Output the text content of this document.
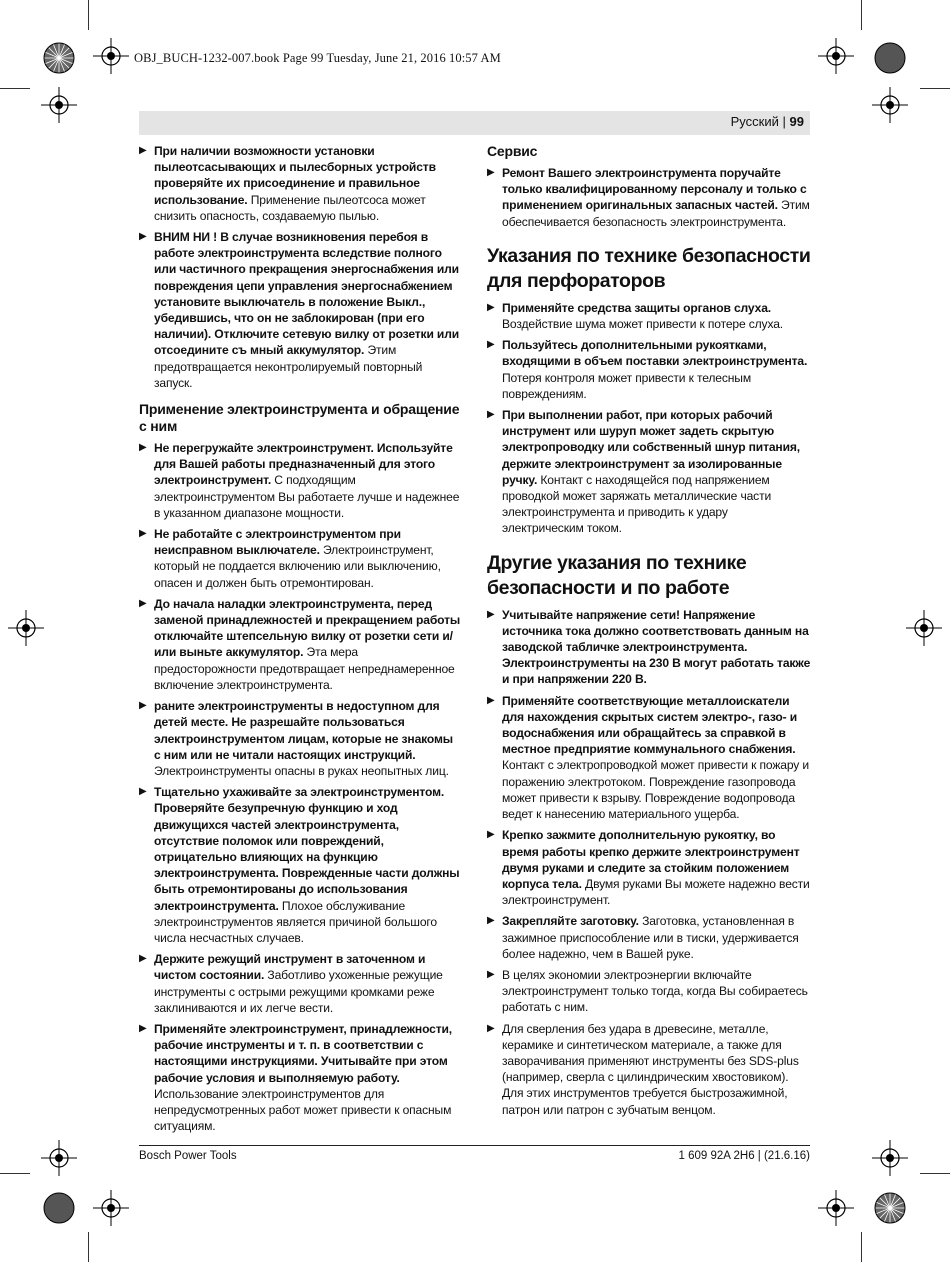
OBJ_BUCH-1232-007.book Page 99 Tuesday, June 21, 2016 10:57 AM
Русский | 99
▶ При наличии возможности установки пылеотсасывающих и пылесборных устройств проверяйте их присоединение и правильное использование. Применение пылеотсоса может снизить опасность, создаваемую пылью.
▶ ВНИМ НИ ! В случае возникновения перебоя в работе электроинструмента вследствие полного или частичного прекращения энергоснабжения или повреждения цепи управления энергоснабжением установите выключатель в положение Выкл., убедившись, что он не заблокирован (при его наличии). Отключите сетевую вилку от розетки или отсоедините съ мный аккумулятор. Этим предотвращается неконтролируемый повторный запуск.
Применение электроинструмента и обращение с ним
▶ Не перегружайте электроинструмент. Используйте для Вашей работы предназначенный для этого электроинструмент. С подходящим электроинструментом Вы работаете лучше и надежнее в указанном диапазоне мощности.
▶ Не работайте с электроинструментом при неисправном выключателе. Электроинструмент, который не поддается включению или выключению, опасен и должен быть отремонтирован.
▶ До начала наладки электроинструмента, перед заменой принадлежностей и прекращением работы отключайте штепсельную вилку от розетки сети и/или выньте аккумулятор. Эта мера предосторожности предотвращает непреднамеренное включение электроинструмента.
▶ раните электроинструменты в недоступном для детей месте. Не разрешайте пользоваться электроинструментом лицам, которые не знакомы с ним или не читали настоящих инструкций. Электроинструменты опасны в руках неопытных лиц.
▶ Тщательно ухаживайте за электроинструментом. Проверяйте безупречную функцию и ход движущихся частей электроинструмента, отсутствие поломок или повреждений, отрицательно влияющих на функцию электроинструмента. Поврежденные части должны быть отремонтированы до использования электроинструмента. Плохое обслуживание электроинструментов является причиной большого числа несчастных случаев.
▶ Держите режущий инструмент в заточенном и чистом состоянии. Заботливо ухоженные режущие инструменты с острыми режущими кромками реже заклиниваются и их легче вести.
▶ Применяйте электроинструмент, принадлежности, рабочие инструменты и т. п. в соответствии с настоящими инструкциями. Учитывайте при этом рабочие условия и выполняемую работу. Использование электроинструментов для непредусмотренных работ может привести к опасным ситуациям.
Сервис
▶ Ремонт Вашего электроинструмента поручайте только квалифицированному персоналу и только с применением оригинальных запасных частей. Этим обеспечивается безопасность электроинструмента.
Указания по технике безопасности для перфораторов
▶ Применяйте средства защиты органов слуха. Воздействие шума может привести к потере слуха.
▶ Пользуйтесь дополнительными рукоятками, входящими в объем поставки электроинструмента. Потеря контроля может привести к телесным повреждениям.
▶ При выполнении работ, при которых рабочий инструмент или шуруп может задеть скрытую электропроводку или собственный шнур питания, держите электроинструмент за изолированные ручку. Контакт с находящейся под напряжением проводкой может заряжать металлические части электроинструмента и приводить к удару электрическим током.
Другие указания по технике безопасности и по работе
▶ Учитывайте напряжение сети! Напряжение источника тока должно соответствовать данным на заводской табличке электроинструмента. Электроинструменты на 230 В могут работать также и при напряжении 220 В.
▶ Применяйте соответствующие металлоискатели для нахождения скрытых систем электро-, газо- и водоснабжения или обращайтесь за справкой в местное предприятие коммунального снабжения. Контакт с электропроводкой может привести к пожару и поражению электротоком. Повреждение газопровода может привести к взрыву. Повреждение водопровода ведет к нанесению материального ущерба.
▶ Крепко зажмите дополнительную рукоятку, во время работы крепко держите электроинструмент двумя руками и следите за стойким положением корпуса тела. Двумя руками Вы можете надежно вести электроинструмент.
▶ Закрепляйте заготовку. Заготовка, установленная в зажимное приспособление или в тиски, удерживается более надежно, чем в Вашей руке.
▶ В целях экономии электроэнергии включайте электроинструмент только тогда, когда Вы собираетесь работать с ним.
▶ Для сверления без удара в древесине, металле, керамике и синтетическом материале, а также для заворачивания применяют инструменты без SDS-plus (например, сверла с цилиндрическим хвостовиком). Для этих инструментов требуется быстрозажимной, патрон или патрон с зубчатым венцом.
Bosch Power Tools	1 609 92A 2H6 | (21.6.16)
